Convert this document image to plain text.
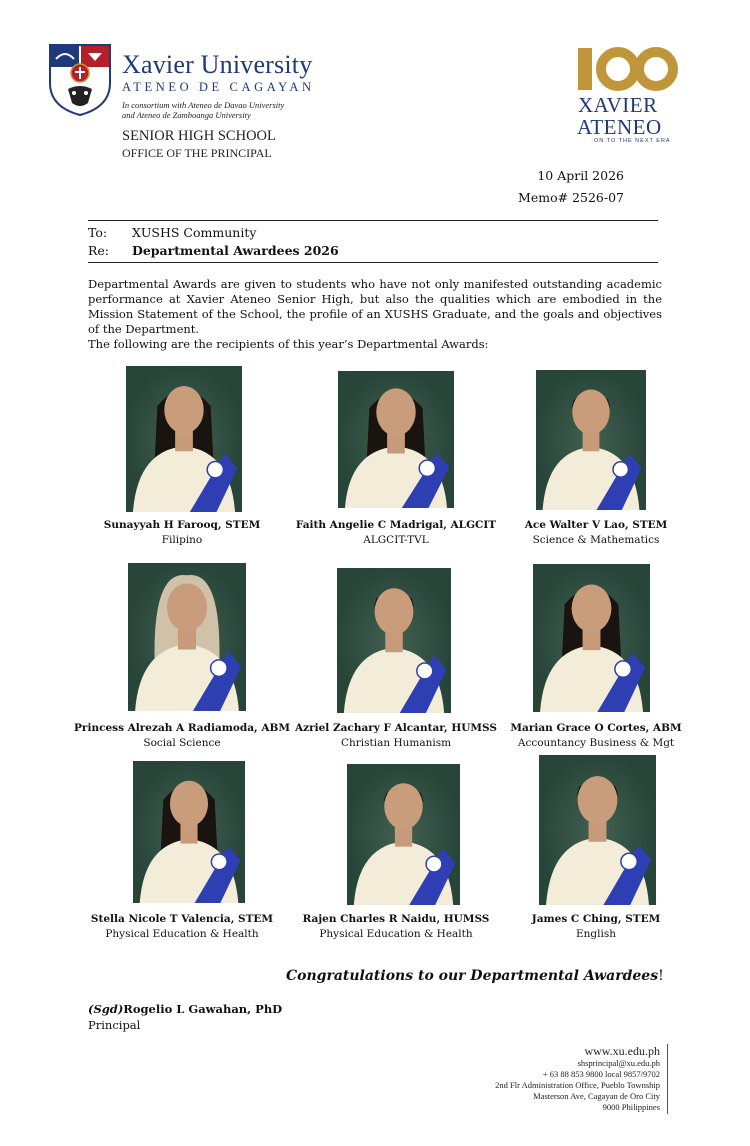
Xavier University
ATENEO DE CAGAYAN
In consortium with Ateneo de Davao University
and Ateneo de Zamboanga University
SENIOR HIGH SCHOOL
OFFICE OF THE PRINCIPAL
XAVIER
ATENEO
ON TO THE NEXT ERA
10 April 2026
Memo# 2526-07
To: XUSHS Community
Re: Departmental Awardees 2026
Departmental Awards are given to students who have not only manifested outstanding academic performance at Xavier Ateneo Senior High, but also the qualities which are embodied in the Mission Statement of the School, the profile of an XUSHS Graduate, and the goals and objectives of the Department.
The following are the recipients of this year’s Departmental Awards:
Sunayyah H Farooq, STEM
Filipino
Faith Angelie C Madrigal, ALGCIT
ALGCIT-TVL
Ace Walter V Lao, STEM
Science & Mathematics
Princess Alrezah A Radiamoda, ABM
Social Science
Azriel Zachary F Alcantar, HUMSS
Christian Humanism
Marian Grace O Cortes, ABM
Accountancy Business & Mgt
Stella Nicole T Valencia, STEM
Physical Education & Health
Rajen Charles R Naidu, HUMSS
Physical Education & Health
James C Ching, STEM
English
Congratulations to our Departmental Awardees!
(Sgd)Rogelio L Gawahan, PhD
Principal
www.xu.edu.ph
shsprincipal@xu.edu.ph
+ 63 88 853 9800 local 9857/9702
2nd Flr Administration Office, Pueblo Township
Masterson Ave, Cagayan de Oro City
9000 Philippines
